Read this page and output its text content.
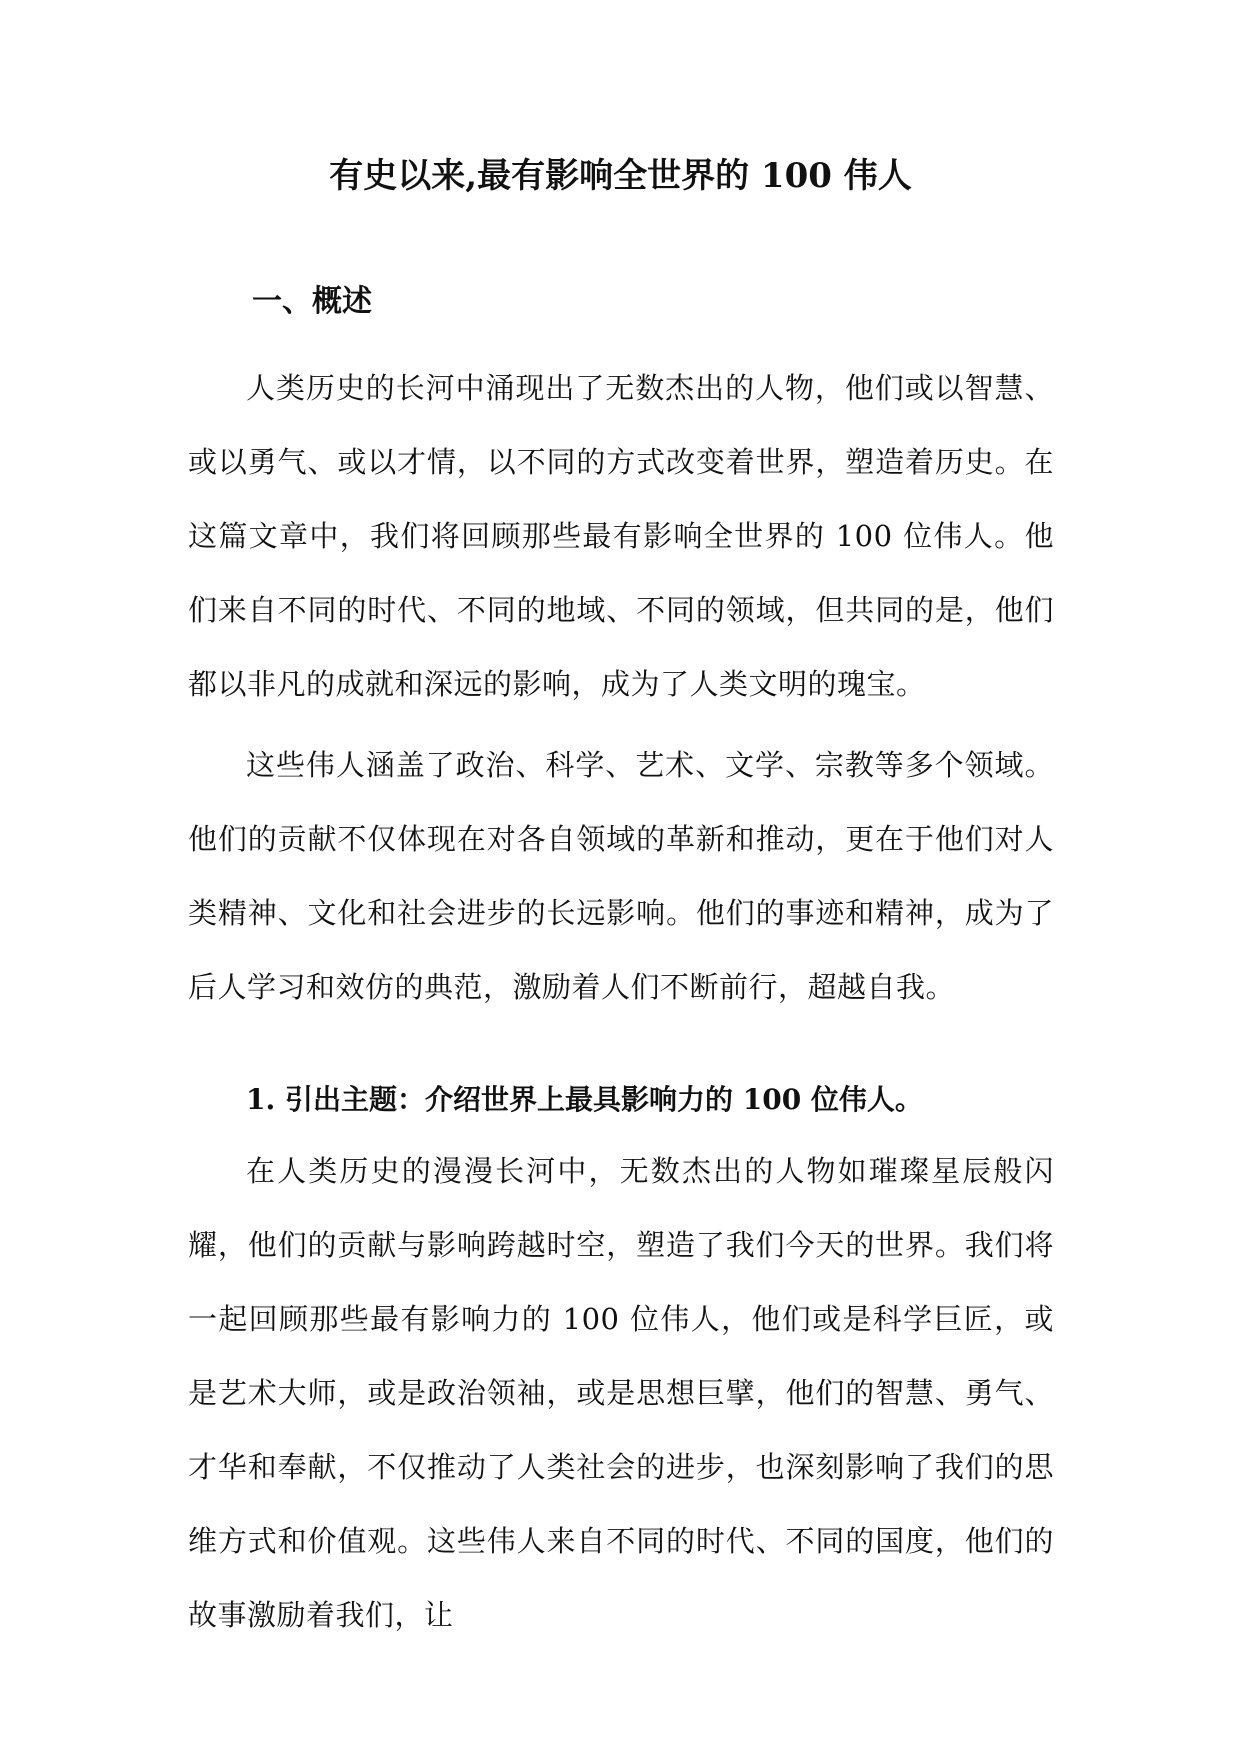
有史以来,最有影响全世界的 100 伟人
一、概述
人类历史的长河中涌现出了无数杰出的人物，他们或以智慧、或以勇气、或以才情，以不同的方式改变着世界，塑造着历史。在这篇文章中，我们将回顾那些最有影响全世界的 100 位伟人。他们来自不同的时代、不同的地域、不同的领域，但共同的是，他们都以非凡的成就和深远的影响，成为了人类文明的瑰宝。
这些伟人涵盖了政治、科学、艺术、文学、宗教等多个领域。他们的贡献不仅体现在对各自领域的革新和推动，更在于他们对人类精神、文化和社会进步的长远影响。他们的事迹和精神，成为了后人学习和效仿的典范，激励着人们不断前行，超越自我。
1. 引出主题：介绍世界上最具影响力的 100 位伟人。
在人类历史的漫漫长河中，无数杰出的人物如璀璨星辰般闪耀，他们的贡献与影响跨越时空，塑造了我们今天的世界。我们将一起回顾那些最有影响力的 100 位伟人，他们或是科学巨匠，或是艺术大师，或是政治领袖，或是思想巨擘，他们的智慧、勇气、才华和奉献，不仅推动了人类社会的进步，也深刻影响了我们的思维方式和价值观。这些伟人来自不同的时代、不同的国度，他们的故事激励着我们，让
